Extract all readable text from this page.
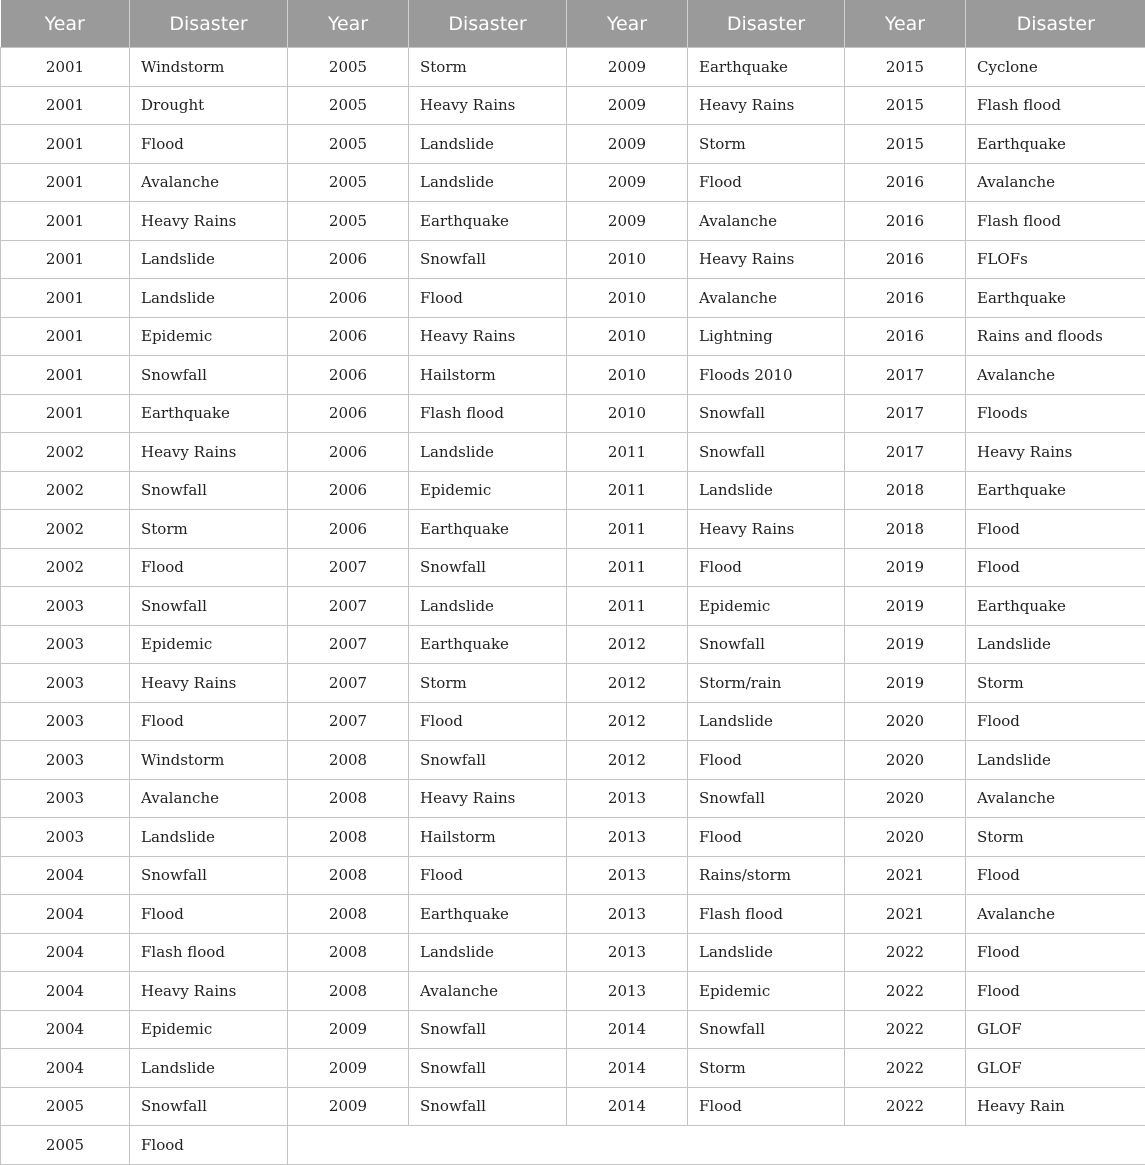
Year	Disaster	Year	Disaster	Year	Disaster	Year	Disaster
2001	Windstorm	2005	Storm	2009	Earthquake	2015	Cyclone
2001	Drought	2005	Heavy Rains	2009	Heavy Rains	2015	Flash flood
2001	Flood	2005	Landslide	2009	Storm	2015	Earthquake
2001	Avalanche	2005	Landslide	2009	Flood	2016	Avalanche
2001	Heavy Rains	2005	Earthquake	2009	Avalanche	2016	Flash flood
2001	Landslide	2006	Snowfall	2010	Heavy Rains	2016	FLOFs
2001	Landslide	2006	Flood	2010	Avalanche	2016	Earthquake
2001	Epidemic	2006	Heavy Rains	2010	Lightning	2016	Rains and floods
2001	Snowfall	2006	Hailstorm	2010	Floods 2010	2017	Avalanche
2001	Earthquake	2006	Flash flood	2010	Snowfall	2017	Floods
2002	Heavy Rains	2006	Landslide	2011	Snowfall	2017	Heavy Rains
2002	Snowfall	2006	Epidemic	2011	Landslide	2018	Earthquake
2002	Storm	2006	Earthquake	2011	Heavy Rains	2018	Flood
2002	Flood	2007	Snowfall	2011	Flood	2019	Flood
2003	Snowfall	2007	Landslide	2011	Epidemic	2019	Earthquake
2003	Epidemic	2007	Earthquake	2012	Snowfall	2019	Landslide
2003	Heavy Rains	2007	Storm	2012	Storm/rain	2019	Storm
2003	Flood	2007	Flood	2012	Landslide	2020	Flood
2003	Windstorm	2008	Snowfall	2012	Flood	2020	Landslide
2003	Avalanche	2008	Heavy Rains	2013	Snowfall	2020	Avalanche
2003	Landslide	2008	Hailstorm	2013	Flood	2020	Storm
2004	Snowfall	2008	Flood	2013	Rains/storm	2021	Flood
2004	Flood	2008	Earthquake	2013	Flash flood	2021	Avalanche
2004	Flash flood	2008	Landslide	2013	Landslide	2022	Flood
2004	Heavy Rains	2008	Avalanche	2013	Epidemic	2022	Flood
2004	Epidemic	2009	Snowfall	2014	Snowfall	2022	GLOF
2004	Landslide	2009	Snowfall	2014	Storm	2022	GLOF
2005	Snowfall	2009	Snowfall	2014	Flood	2022	Heavy Rain
2005	Flood						
